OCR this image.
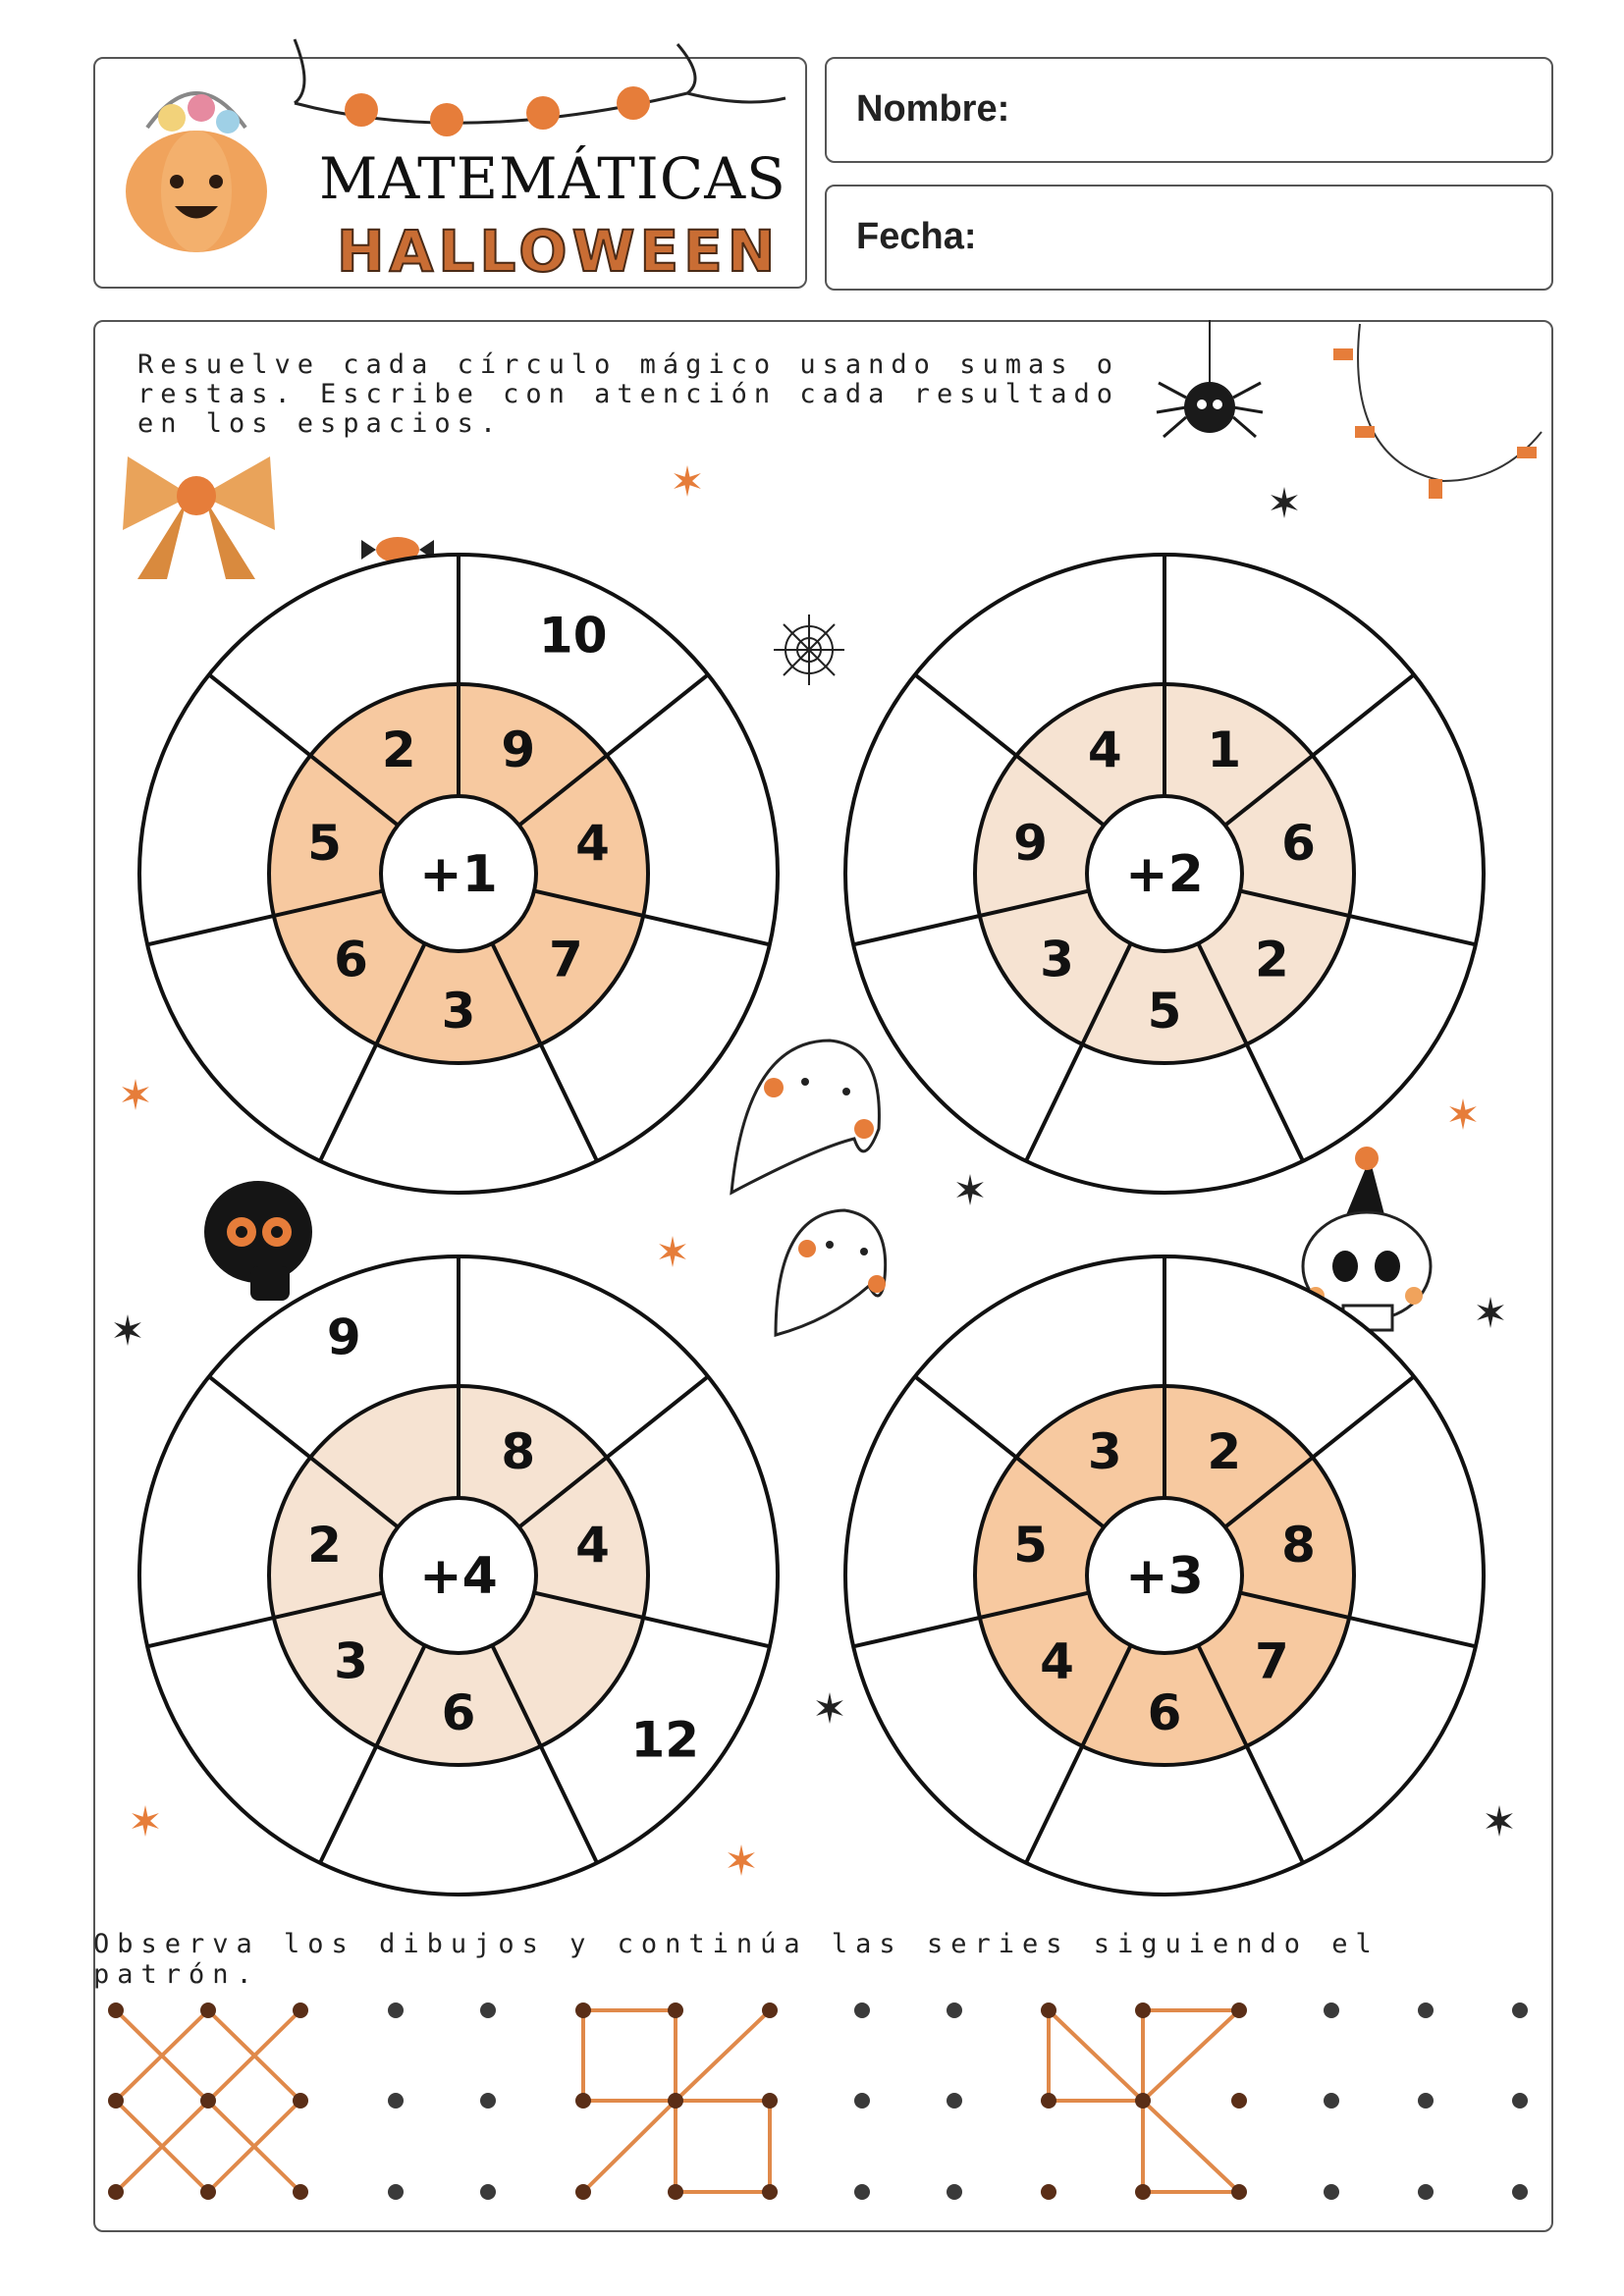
MATEMÁTICAS
HALLOWEEN
Nombre:
Fecha:
Resuelve cada círculo mágico usando sumas o restas. Escribe con atención cada resultado en los espacios.
Observa los dibujos y continúa las series siguiendo el patrón.
+1
9
10
4
7
3
6
5
2
+2
1
6
2
5
3
9
4
+4
8
4
12
6
3
2
9
+3
2
8
7
6
4
5
3
